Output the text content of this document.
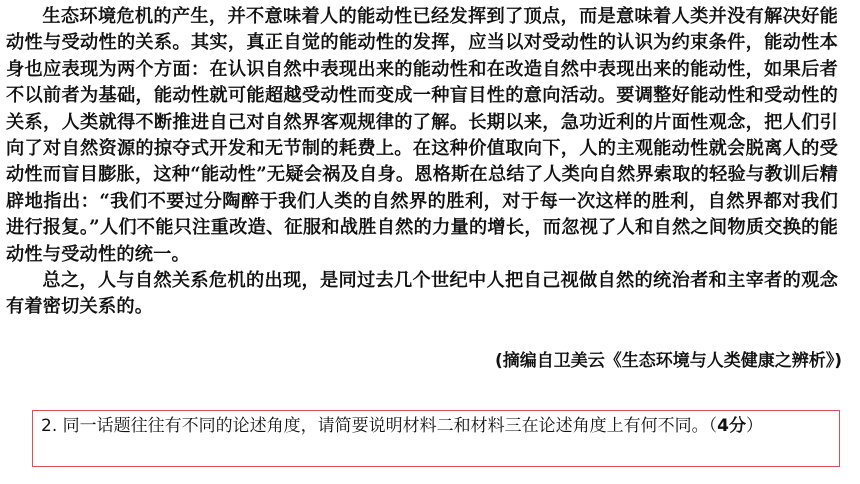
生态环境危机的产生，并不意味着人的能动性已经发挥到了顶点，而是意味着人类并没有解决好能动性与受动性的关系。其实，真正自觉的能动性的发挥，应当以对受动性的认识为约束条件，能动性本身也应表现为两个方面：在认识自然中表现出来的能动性和在改造自然中表现出来的能动性，如果后者不以前者为基础，能动性就可能超越受动性而变成一种盲目性的意向活动。要调整好能动性和受动性的关系，人类就得不断推进自己对自然界客观规律的了解。长期以来，急功近利的片面性观念，把人们引向了对自然资源的掠夺式开发和无节制的耗费上。在这种价值取向下，人的主观能动性就会脱离人的受动性而盲目膨胀，这种“能动性”无疑会祸及自身。恩格斯在总结了人类向自然界索取的轻验与教训后精辟地指出：“我们不要过分陶醉于我们人类的自然界的胜利，对于每一次这样的胜利，自然界都对我们进行报复。”人们不能只注重改造、征服和战胜自然的力量的增长，而忽视了人和自然之间物质交换的能动性与受动性的统一。

总之，人与自然关系危机的出现，是同过去几个世纪中人把自己视做自然的统治者和主宰者的观念有着密切关系的。

(摘编自卫美云《生态环境与人类健康之辨析》)
2. 同一话题往往有不同的论述角度，请简要说明材料二和材料三在论述角度上有何不同。（4分）
